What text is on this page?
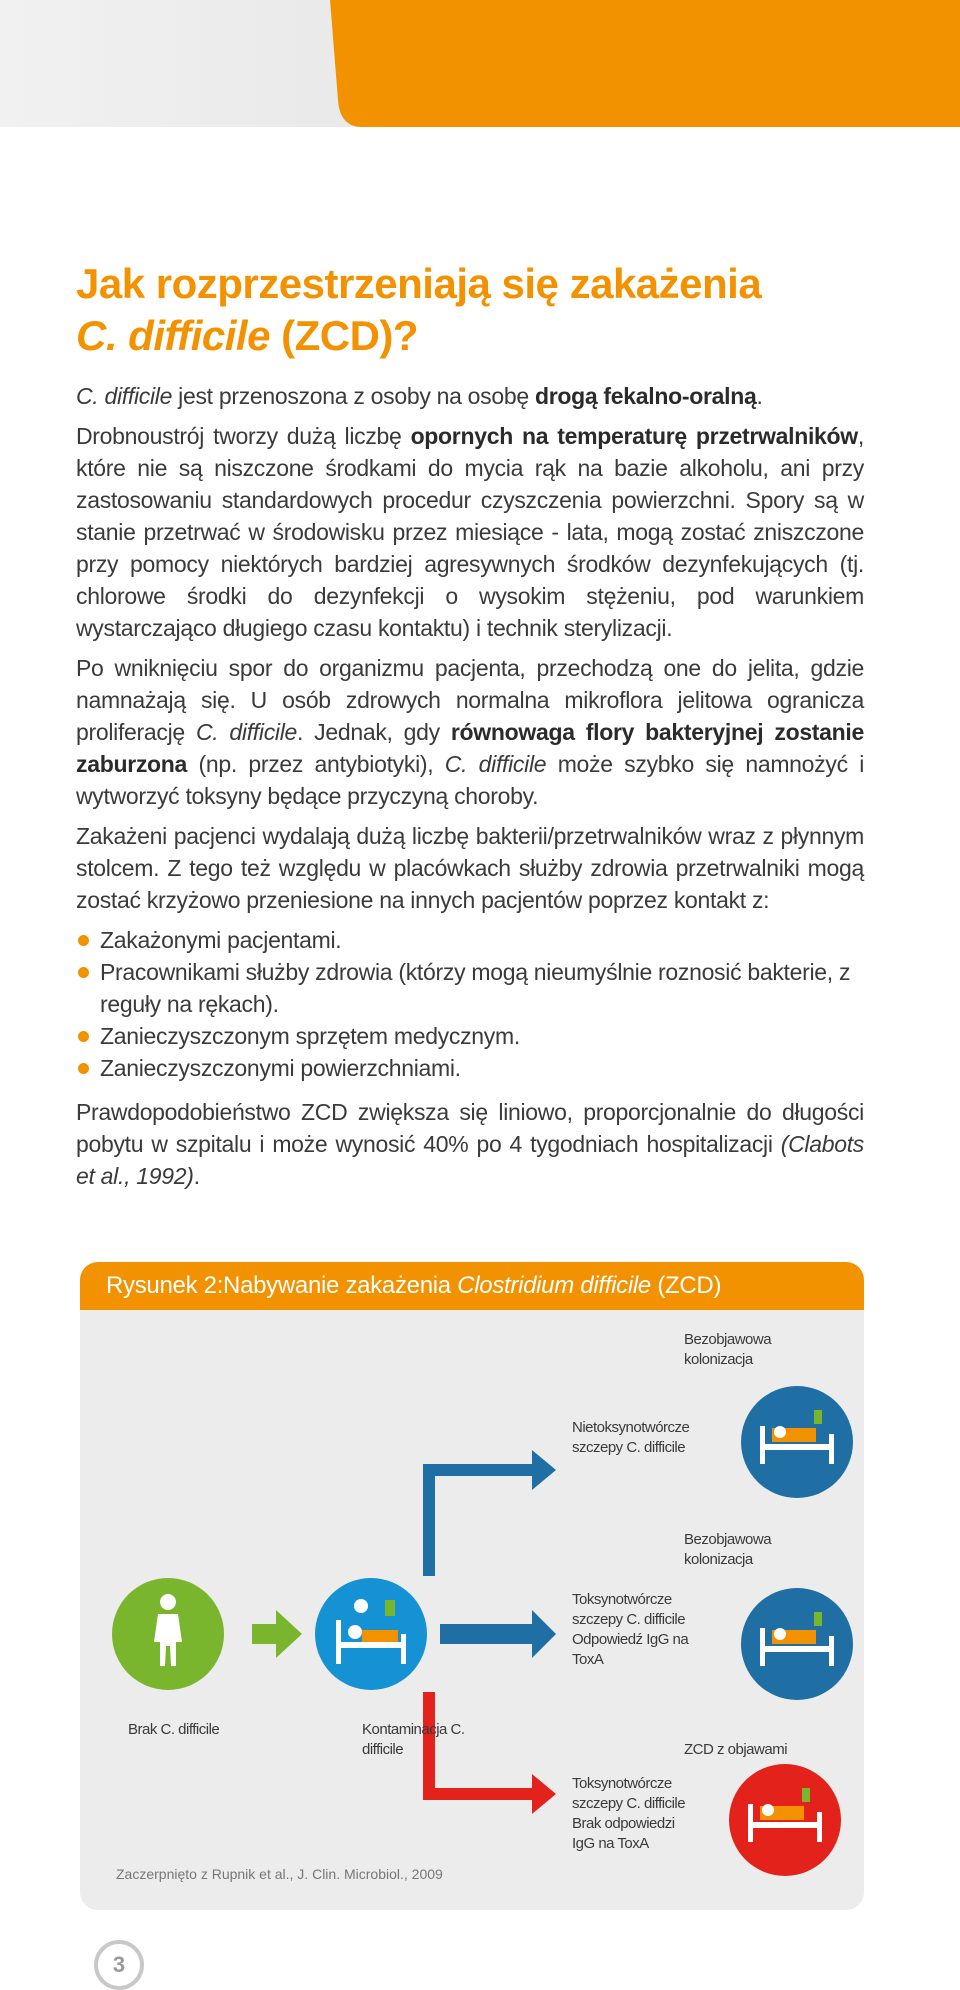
Jak rozprzestrzeniają się zakażenia
C. difficile (ZCD)?

C. difficile jest przenoszona z osoby na osobę drogą fekalno-oralną.

Drobnoustrój tworzy dużą liczbę opornych na temperaturę przetrwalników, które nie są niszczone środkami do mycia rąk na bazie alkoholu, ani przy zastosowaniu standardowych procedur czyszczenia powierzchni. Spory są w stanie przetrwać w środowisku przez miesiące - lata, mogą zostać zniszczone przy pomocy niektórych bardziej agresywnych środków dezynfekujących (tj. chlorowe środki do dezynfekcji o wysokim stężeniu, pod warunkiem wystarczająco długiego czasu kontaktu) i technik sterylizacji.

Po wniknięciu spor do organizmu pacjenta, przechodzą one do jelita, gdzie namnażają się. U osób zdrowych normalna mikroflora jelitowa ogranicza proliferację C. difficile. Jednak, gdy równowaga flory bakteryjnej zostanie zaburzona (np. przez antybiotyki), C. difficile może szybko się namnożyć i wytworzyć toksyny będące przyczyną choroby.

Zakażeni pacjenci wydalają dużą liczbę bakterii/przetrwalników wraz z płynnym stolcem. Z tego też względu w placówkach służby zdrowia przetrwalniki mogą zostać krzyżowo przeniesione na innych pacjentów poprzez kontakt z:

Zakażonymi pacjentami.
Pracownikami służby zdrowia (którzy mogą nieumyślnie roznosić bakterie, z reguły na rękach).
Zanieczyszczonym sprzętem medycznym.
Zanieczyszczonymi powierzchniami.

Prawdopodobieństwo ZCD zwiększa się liniowo, proporcjonalnie do długości pobytu w szpitalu i może wynosić 40% po 4 tygodniach hospitalizacji (Clabots et al., 1992).

Rysunek 2:Nabywanie zakażenia Clostridium difficile (ZCD)
Brak C. difficile	Kontaminacja C. difficile
Bezobjawowa kolonizacja
Nietoksynotwórcze szczepy C. difficile
Bezobjawowa kolonizacja
Toksynotwórcze szczepy C. difficile Odpowiedź IgG na ToxA
ZCD z objawami
Toksynotwórcze szczepy C. difficile Brak odpowiedzi IgG na ToxA
Zaczerpnięto z Rupnik et al., J. Clin. Microbiol., 2009
3
